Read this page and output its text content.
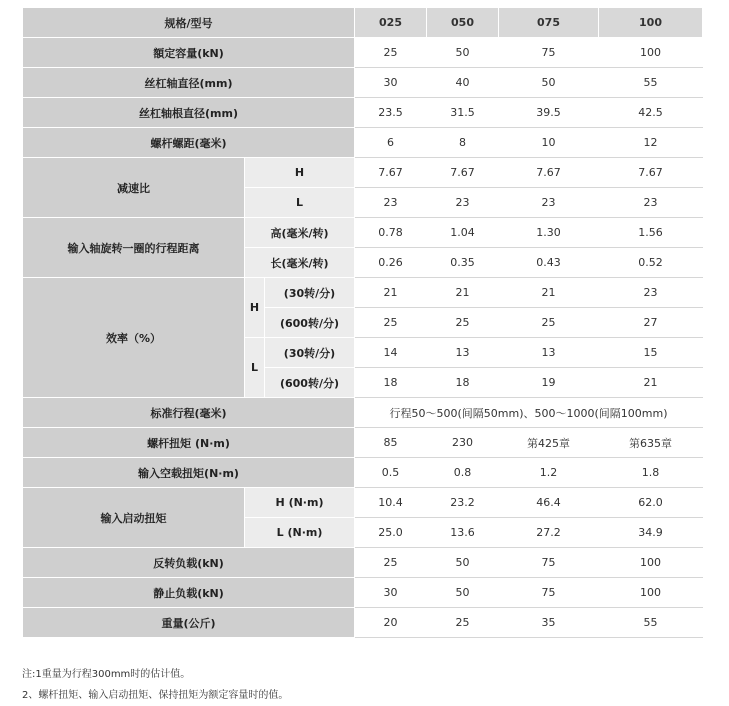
规格/型号			025	050	075	100
額定容量(kN)			25	50	75	100
丝杠轴直径(mm)			30	40	50	55
丝杠轴根直径(mm)			23.5	31.5	39.5	42.5
螺杆螺距(毫米)			6	8	10	12
减速比	H		7.67	7.67	7.67	7.67
	L		23	23	23	23
输入轴旋转一圈的行程距离	高(毫米/转)		0.78	1.04	1.30	1.56
	长(毫米/转)		0.26	0.35	0.43	0.52
效率（%）	H	(30转/分)	21	21	21	23
		(600转/分)	25	25	25	27
	L	(30转/分)	14	13	13	15
		(600转/分)	18	18	19	21
标准行程(毫米)			行程50～500(间隔50mm)、500～1000(间隔100mm)			
螺杆扭矩 (N·m)			85	230	第425章	第635章
输入空载扭矩(N·m)			0.5	0.8	1.2	1.8
输入启动扭矩	H (N·m)		10.4	23.2	46.4	62.0
	L (N·m)		25.0	13.6	27.2	34.9
反转负载(kN)			25	50	75	100
静止负载(kN)			30	50	75	100
重量(公斤)			20	25	35	55
注:1重量为行程300mm时的估计值。
2、螺杆扭矩、输入启动扭矩、保持扭矩为额定容量时的值。
